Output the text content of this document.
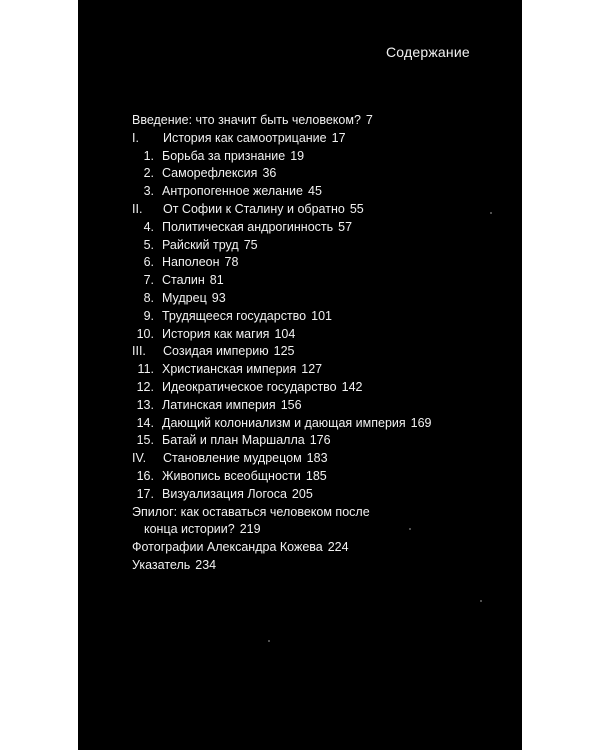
Содержание
Введение: что значит быть человеком? 7
I.	История как самоотрицание 17
1. Борьба за признание 19
2. Саморефлексия 36
3. Антропогенное желание 45
II.	От Софии к Сталину и обратно 55
4. Политическая андрогинность 57
5. Райский труд 75
6. Наполеон 78
7. Сталин 81
8. Мудрец 93
9. Трудящееся государство 101
10. История как магия 104
III.	Созидая империю 125
11. Христианская империя 127
12. Идеократическое государство 142
13. Латинская империя 156
14. Дающий колониализм и дающая империя 169
15. Батай и план Маршалла 176
IV.	Становление мудрецом 183
16. Живопись всеобщности 185
17. Визуализация Логоса 205
Эпилог: как оставаться человеком после
конца истории? 219
Фотографии Александра Кожева 224
Указатель 234
